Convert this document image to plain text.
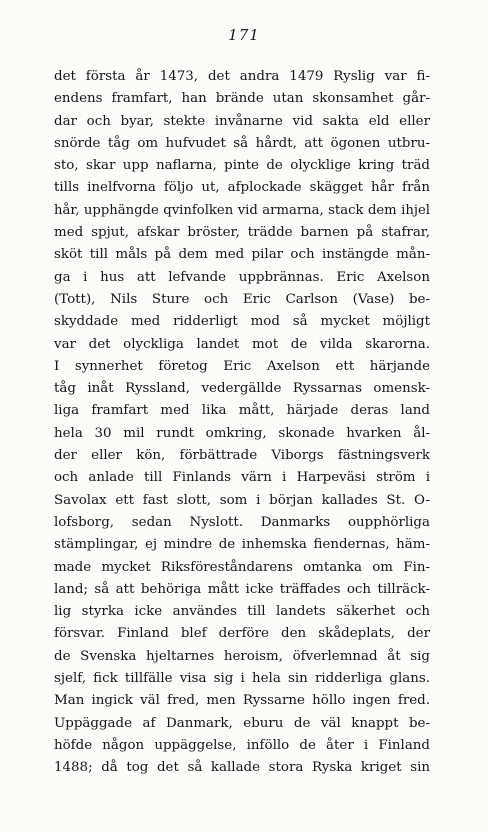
171
det första år 1473, det andra 1479 Ryslig var fi-
endens framfart, han brände utan skonsamhet går-
dar och byar, stekte invånarne vid sakta eld eller
snörde tåg om hufvudet så hårdt, att ögonen utbru-
sto, skar upp naflarna, pinte de olycklige kring träd
tills inelfvorna följo ut, afplockade skägget hår från
hår, upphängde qvinfolken vid armarna, stack dem ihjel
med spjut, afskar bröster, trädde barnen på stafrar,
sköt till måls på dem med pilar och instängde mån-
ga i hus att lefvande uppbrännas. Eric Axelson
(Tott), Nils Sture och Eric Carlson (Vase) be-
skyddade med ridderligt mod så mycket möjligt
var det olyckliga landet mot de vilda skarorna.
I synnerhet företog Eric Axelson ett härjande
tåg inåt Ryssland, vedergällde Ryssarnas omensk-
liga framfart med likа mått, härjade deras land
hela 30 mil rundt omkring, skonade hvarken ål-
der eller kön, förbättrade Viborgs fästningsverk
och anlade till Finlands värn i Harpeväsi ström i
Savolax ett fast slott, som i början kallades St. O-
lofsborg, sedan Nyslott. Danmarks oupphörliga
stämplingar, ej mindre de inhemska fiendernas, häm-
made mycket Riksföreståndarens omtanka om Fin-
land; så att behöriga mått icke träffades och tillräck-
lig styrka icke användes till landets säkerhet och
försvar. Finland blef derföre den skådeplats, der
de Svenska hjeltarnes heroism, öfverlemnad åt sig
sjelf, fick tillfälle visa sig i hela sin ridderliga glans.
Man ingick väl fred, men Ryssarne höllo ingen fred.
Uppäggade af Danmark, eburu de väl knappt be-
höfde någon uppäggelse, inföllo de åter i Finland
1488; då tog det så kallade stora Ryska kriget sin
